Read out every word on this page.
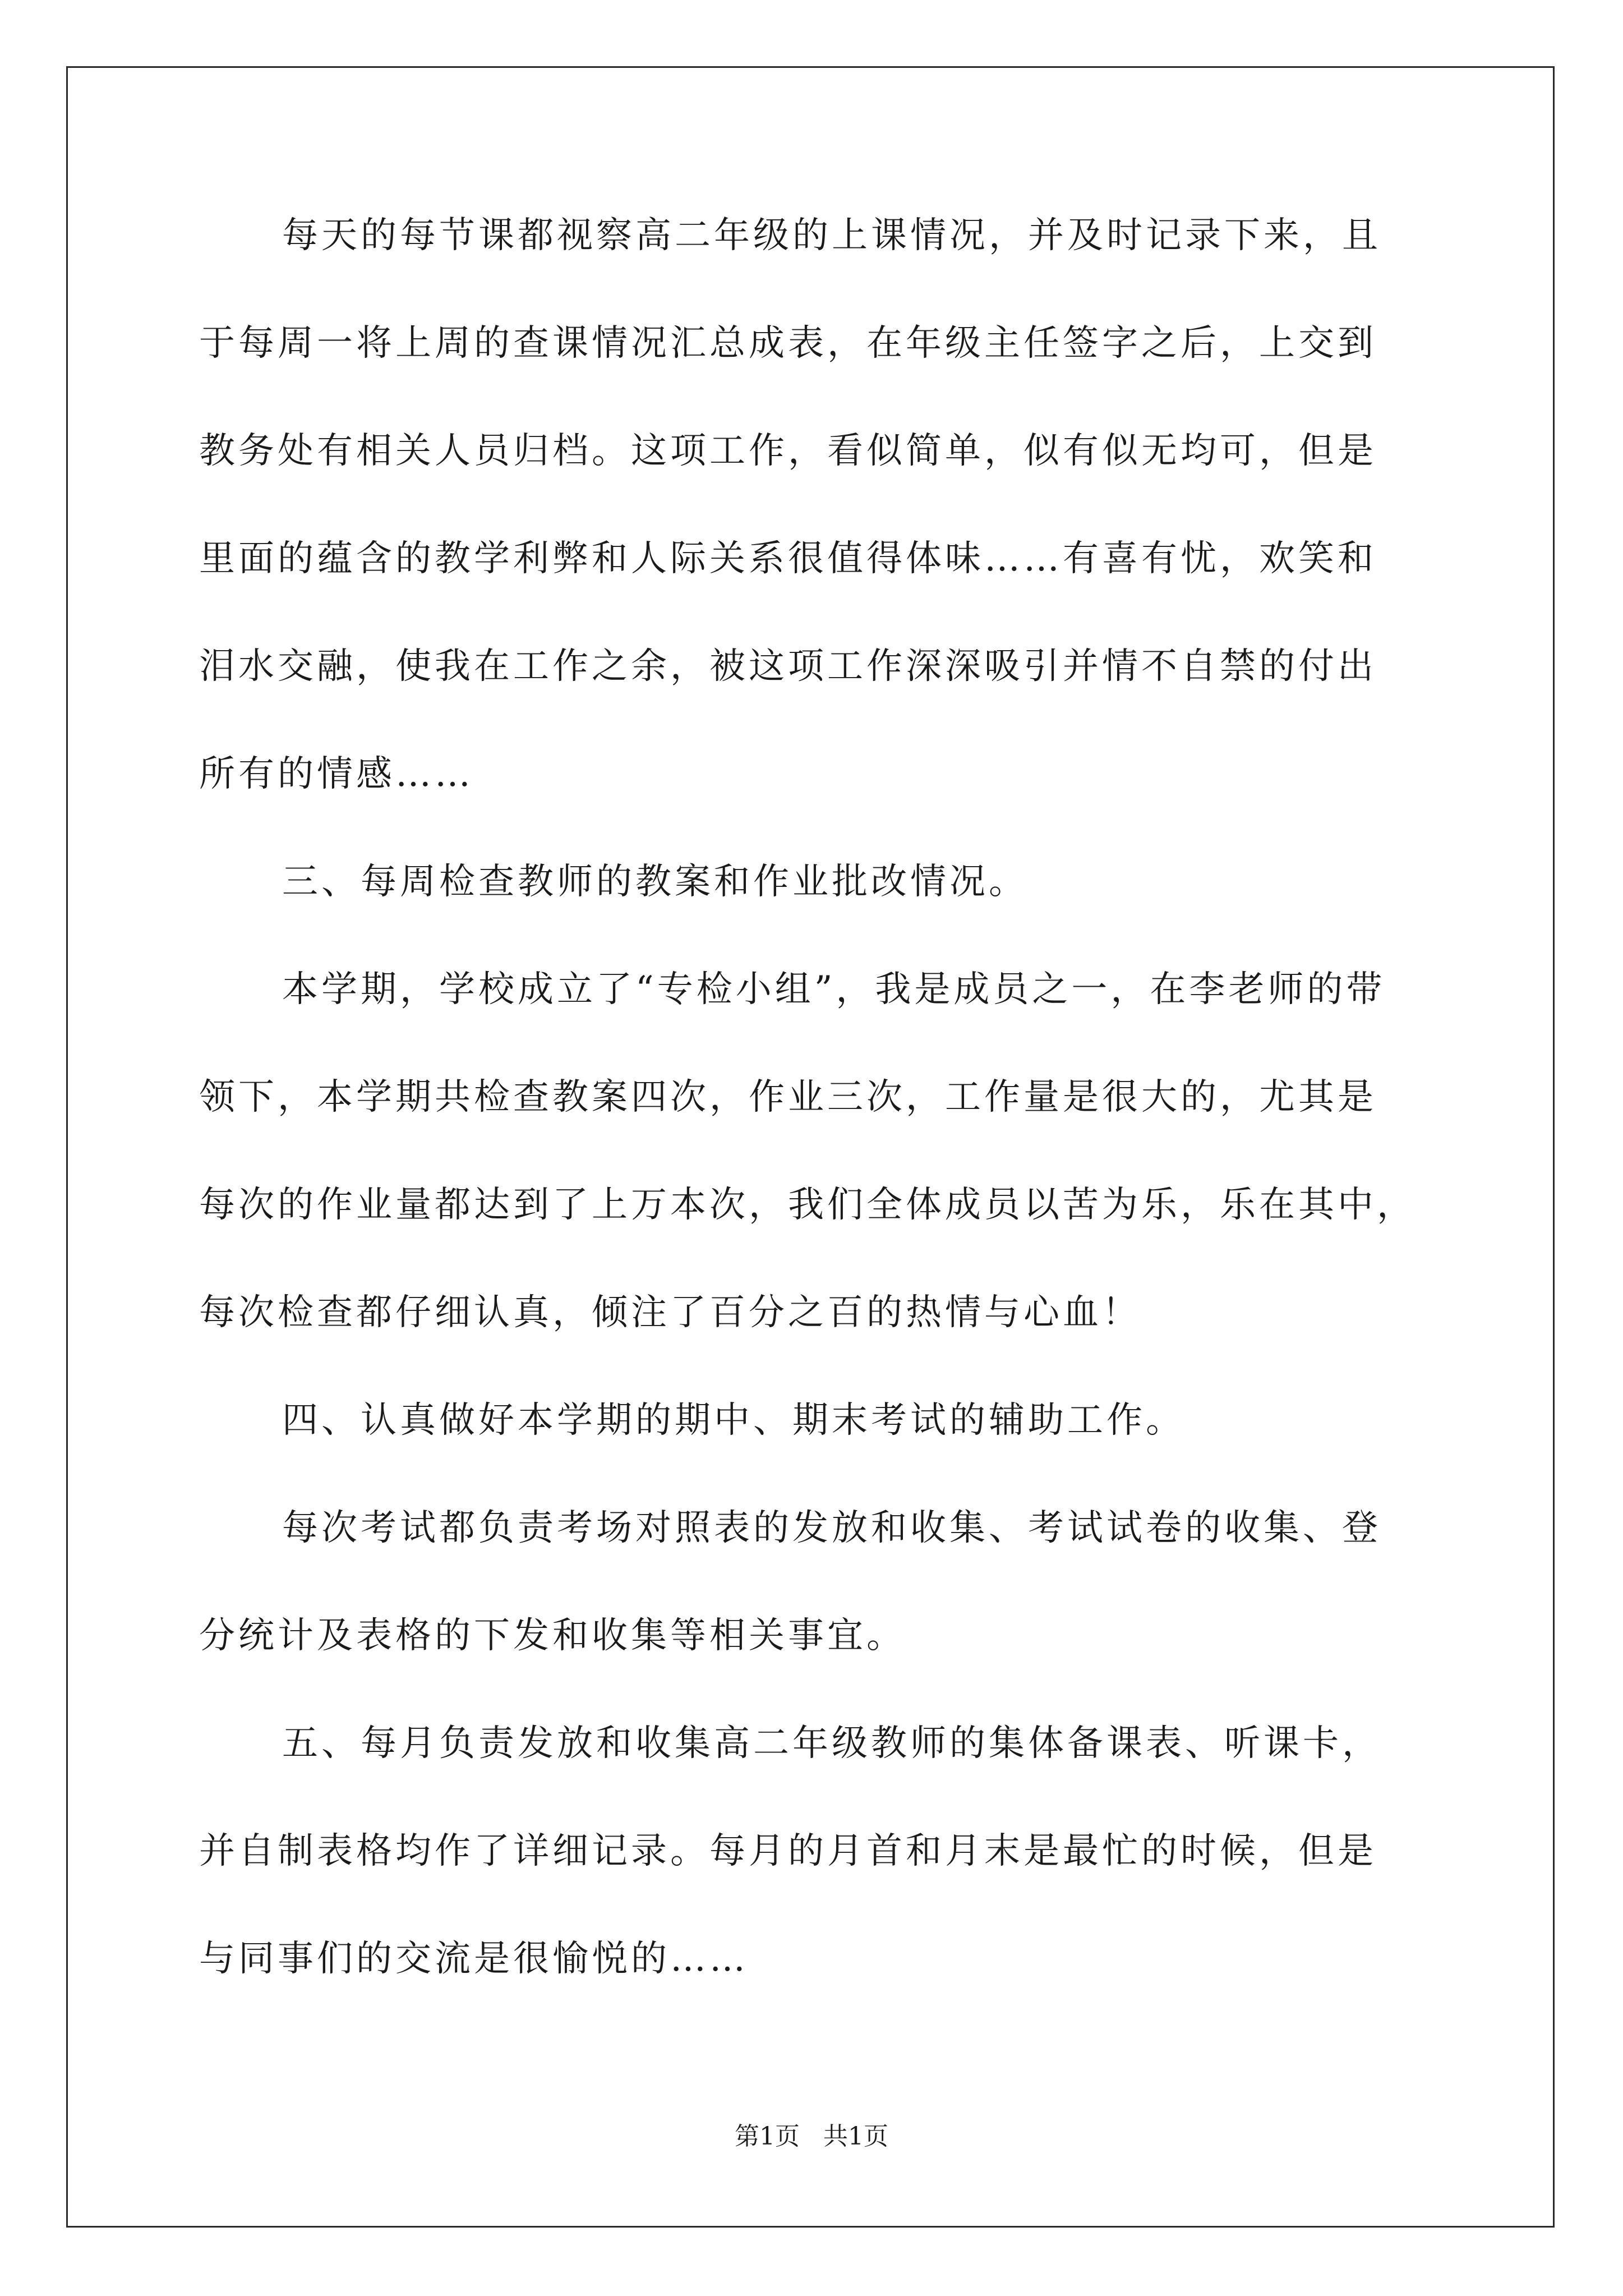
每天的每节课都视察高二年级的上课情况，并及时记录下来，且
于每周一将上周的查课情况汇总成表，在年级主任签字之后，上交到
教务处有相关人员归档。这项工作，看似简单，似有似无均可，但是
里面的蕴含的教学利弊和人际关系很值得体味……有喜有忧，欢笑和
泪水交融，使我在工作之余，被这项工作深深吸引并情不自禁的付出
所有的情感……
三、每周检查教师的教案和作业批改情况。
本学期，学校成立了“专检小组”，我是成员之一，在李老师的带
领下，本学期共检查教案四次，作业三次，工作量是很大的，尤其是
每次的作业量都达到了上万本次，我们全体成员以苦为乐，乐在其中，
每次检查都仔细认真，倾注了百分之百的热情与心血！
四、认真做好本学期的期中、期末考试的辅助工作。
每次考试都负责考场对照表的发放和收集、考试试卷的收集、登
分统计及表格的下发和收集等相关事宜。
五、每月负责发放和收集高二年级教师的集体备课表、听课卡，
并自制表格均作了详细记录。每月的月首和月末是最忙的时候，但是
与同事们的交流是很愉悦的……
第1页   共1页
